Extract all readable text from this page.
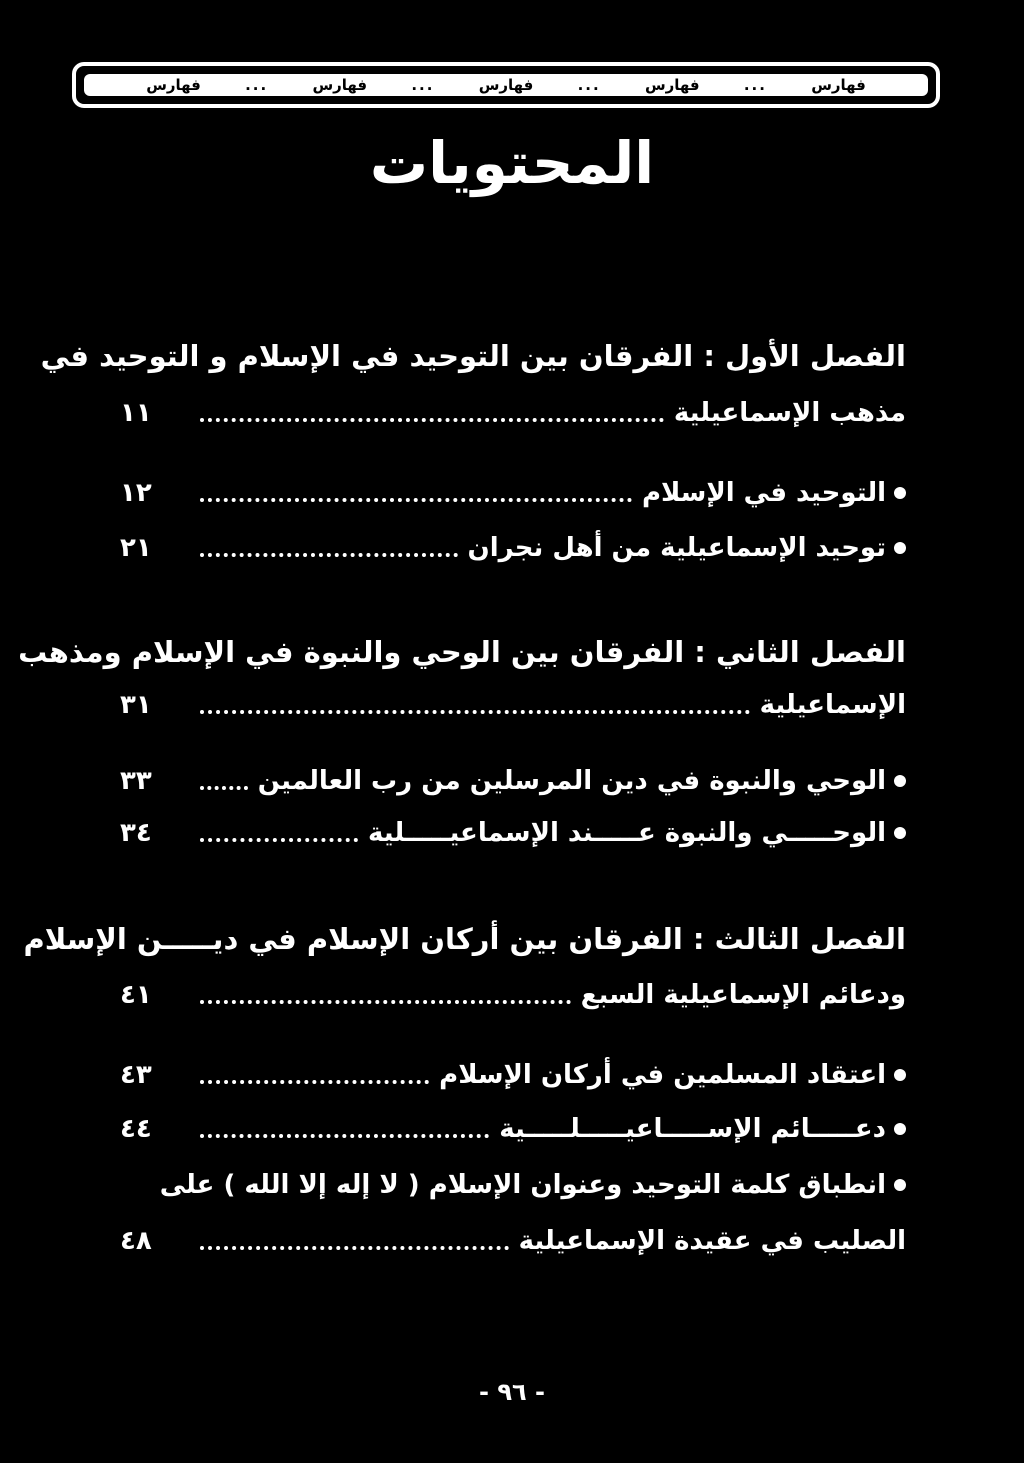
فهارس
...
فهارس
...
فهارس
...
فهارس
...
فهارس
المحتويات
الفصل الأول : الفرقان بين التوحيد في الإسلام و التوحيد في
مذهب الإسماعيلية
١١
التوحيد في الإسلام
١٢
توحيد الإسماعيلية من أهل نجران
٢١
الفصل الثاني : الفرقان بين الوحي والنبوة في الإسلام ومذهب
الإسماعيلية
٣١
الوحي والنبوة في دين المرسلين من رب العالمين
٣٣
الوحـــــي والنبوة عـــــند الإسماعيـــــلية
٣٤
الفصل الثالث : الفرقان بين أركان الإسلام في ديـــــن الإسلام
ودعائم الإسماعيلية السبع
٤١
اعتقاد المسلمين في أركان الإسلام
٤٣
دعـــــائم الإســـــاعيـــــلـــــية
٤٤
انطباق كلمة التوحيد وعنوان الإسلام ( لا إله إلا الله ) على
الصليب في عقيدة الإسماعيلية
٤٨
- ٩٦ -
